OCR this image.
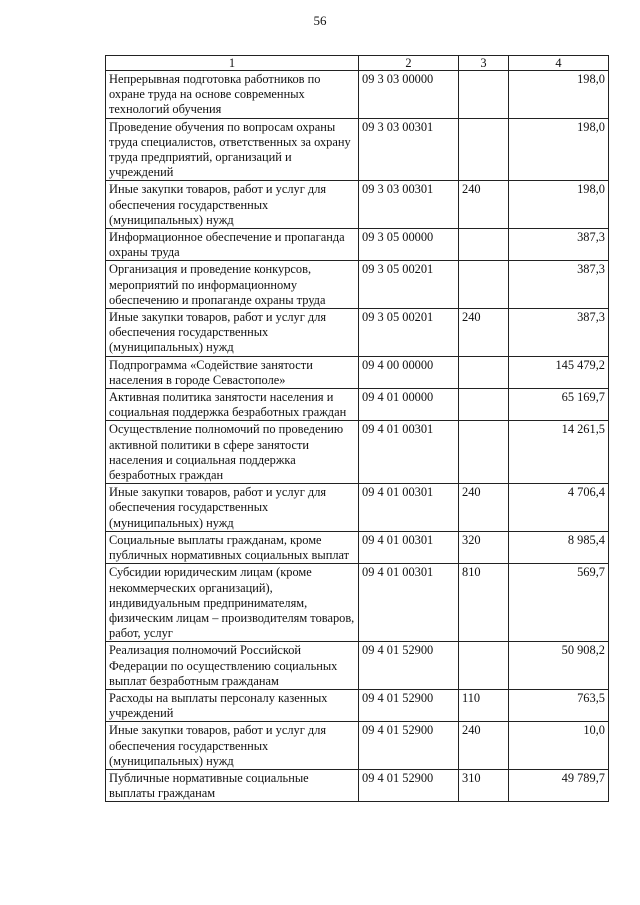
56
1	2	3	4
Непрерывная подготовка работников по охране труда на основе современных технологий обучения	09 3 03 00000		198,0
Проведение обучения по вопросам охраны труда специалистов, ответственных за охрану труда предприятий, организаций и учреждений	09 3 03 00301		198,0
Иные закупки товаров, работ и услуг для обеспечения государственных (муниципальных) нужд	09 3 03 00301	240	198,0
Информационное обеспечение и пропаганда охраны труда	09 3 05 00000		387,3
Организация и проведение конкурсов, мероприятий по информационному обеспечению и пропаганде охраны труда	09 3 05 00201		387,3
Иные закупки товаров, работ и услуг для обеспечения государственных (муниципальных) нужд	09 3 05 00201	240	387,3
Подпрограмма «Содействие занятости населения в городе Севастополе»	09 4 00 00000		145 479,2
Активная политика занятости населения и социальная поддержка безработных граждан	09 4 01 00000		65 169,7
Осуществление полномочий по проведению активной политики в сфере занятости населения и социальная поддержка безработных граждан	09 4 01 00301		14 261,5
Иные закупки товаров, работ и услуг для обеспечения государственных (муниципальных) нужд	09 4 01 00301	240	4 706,4
Социальные выплаты гражданам, кроме публичных нормативных социальных выплат	09 4 01 00301	320	8 985,4
Субсидии юридическим лицам (кроме некоммерческих организаций), индивидуальным предпринимателям, физическим лицам – производителям товаров, работ, услуг	09 4 01 00301	810	569,7
Реализация полномочий Российской Федерации по осуществлению социальных выплат безработным гражданам	09 4 01 52900		50 908,2
Расходы на выплаты персоналу казенных учреждений	09 4 01 52900	110	763,5
Иные закупки товаров, работ и услуг для обеспечения государственных (муниципальных) нужд	09 4 01 52900	240	10,0
Публичные нормативные социальные выплаты гражданам	09 4 01 52900	310	49 789,7
